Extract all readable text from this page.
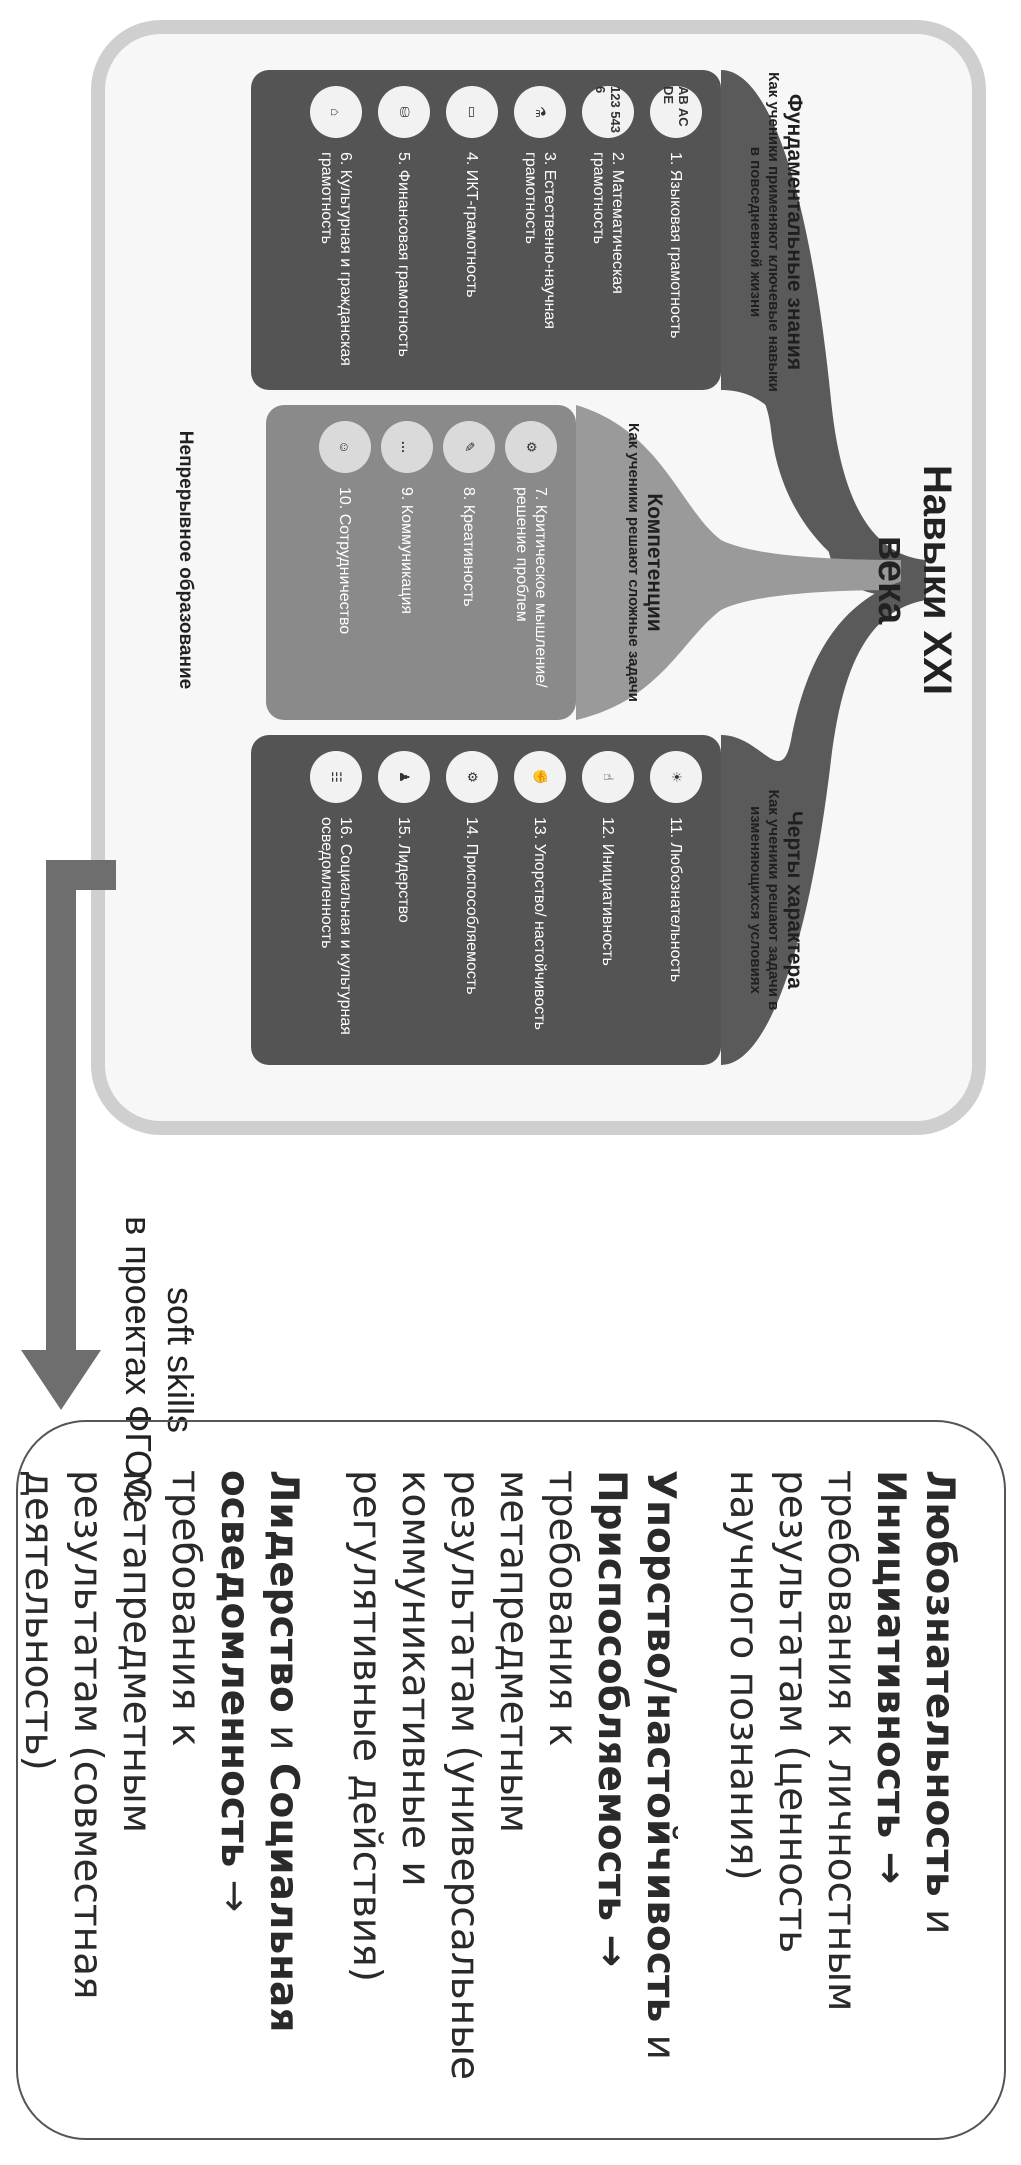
Навыки XXI века
Фундаментальные знания
Как ученики применяют ключевые навыки в повседневной жизни
Компетенции
Как ученики решают сложные задачи
Черты характера
Как ученики решают задачи в изменяющихся условиях
AB AC DE
1. Языковая грамотность
123 543 6
2. Математическая грамотность
⚗
3. Естественно-научная грамотность
▭
4. ИКТ-грамотность
⛁
5. Финансовая грамотность
⌂
6. Культурная и гражданская грамотность
⚙
7. Критическое мышление/ решение проблем
✎
8. Креативность
…
9. Коммуникация
☺
10. Сотрудничество
☀
11. Любознательность
☝
12. Инициативность
✊
13. Упорство/ настойчивость
⚙
14. Приспособляемость
♟
15. Лидерство
☷
16. Социальная и культурная осведомленность
Непрерывное образование
soft skills
в проектах ФГОС
Любознательность и Инициативность → требования к личностным результатам (ценность научного познания)
Упорство/настойчивость и Приспособляемость → требования к метапредметным результатам (универсальные коммуникативные и регулятивные действия)
Лидерство и Социальная осведомленность → требования к метапредметным результатам (совместная деятельность)
